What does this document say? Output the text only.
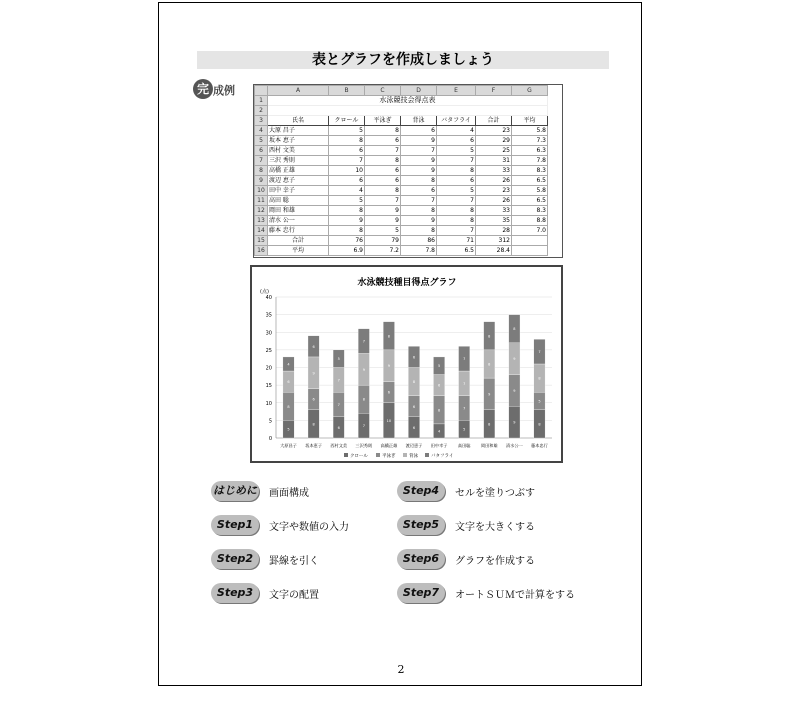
表とグラフを作成しましょう
完 成例
		A	B	C	D	E	F	G
1	水泳競技会得点表						
2							
3	氏名	クロール	平泳ぎ	背泳	バタフライ	合計	平均
4	大原 昌子	5	8	6	4	23	5.8
5	坂本 恵子	8	6	9	6	29	7.3
6	西村 文美	6	7	7	5	25	6.3
7	三沢 秀則	7	8	9	7	31	7.8
8	高橋 正雄	10	6	9	8	33	8.3
9	渡辺 恵子	6	6	8	6	26	6.5
10	田中 幸子	4	8	6	5	23	5.8
11	高田 聡	5	7	7	7	26	6.5
12	岡田 和雄	8	9	8	8	33	8.3
13	清水 公一	9	9	9	8	35	8.8
14	藤本 忠行	8	5	8	7	28	7.0
15	合計	76	79	86	71	312	
16	平均	6.9	7.2	7.8	6.5	28.4	
水泳競技種目得点グラフ
(点)
0
5
10
15
20
25
30
35
40
5
8
6
4
大原昌子
8
6
9
6
坂本恵子
6
7
7
5
西村文美
7
8
9
7
三沢秀則
10
6
9
8
高橋正雄
6
6
8
6
渡辺恵子
4
8
6
5
田中幸子
5
7
7
7
高田聡
8
9
8
8
岡田和雄
9
9
9
8
清水公一
8
5
8
7
藤本忠行
クロール	平泳ぎ	背泳	バタフライ
はじめに 画面構成
Step1	文字や数値の入力
Step2	罫線を引く
Step3	文字の配置
Step4	セルを塗りつぶす
Step5	文字を大きくする
Step6	グラフを作成する
Step7	オートＳＵＭで計算をする
2
